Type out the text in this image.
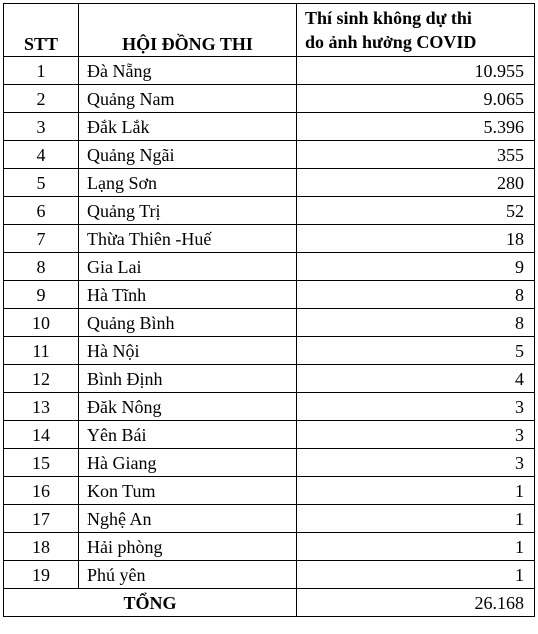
STT	HỘI ĐỒNG THI	Thí sinh không dự thi
do ảnh hưởng COVID

1	Đà Nẵng	10.955
2	Quảng Nam	9.065
3	Đắk Lắk	5.396
4	Quảng Ngãi	355
5	Lạng Sơn	280
6	Quảng Trị	52
7	Thừa Thiên -Huế	18
8	Gia Lai	9
9	Hà Tĩnh	8
10	Quảng Bình	8
11	Hà Nội	5
12	Bình Định	4
13	Đăk Nông	3
14	Yên Bái	3
15	Hà Giang	3
16	Kon Tum	1
17	Nghệ An	1
18	Hải phòng	1
19	Phú yên	1
TỔNG		26.168
